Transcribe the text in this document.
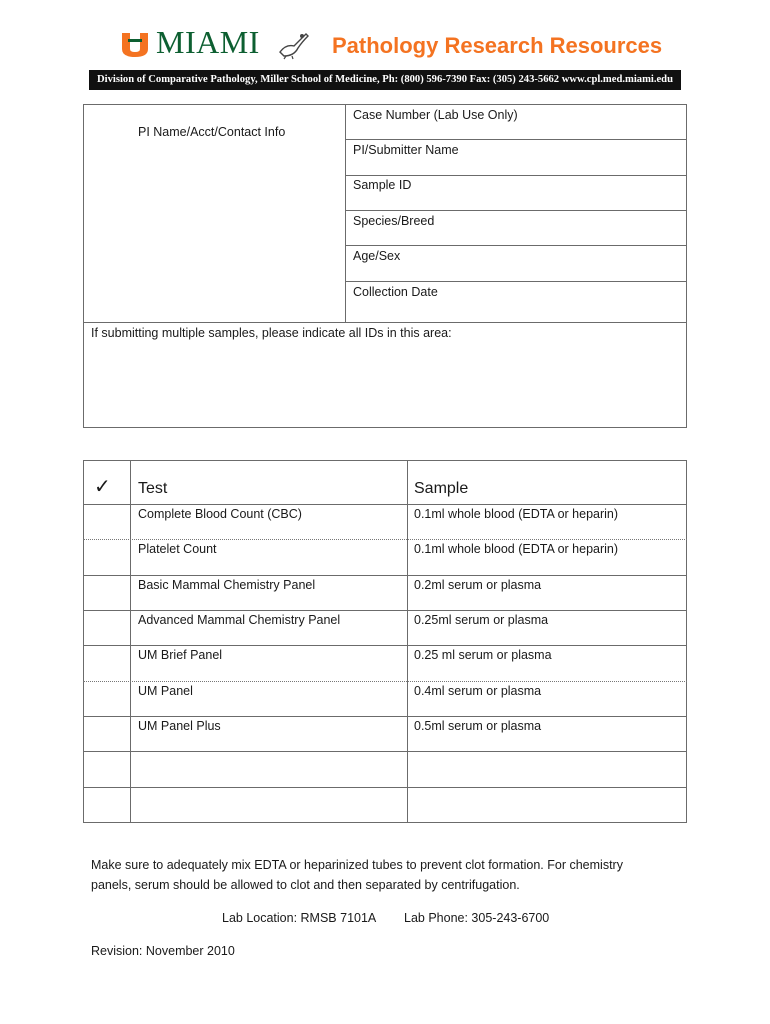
MIAMI	Pathology Research Resources
Division of Comparative Pathology, Miller School of Medicine, Ph: (800) 596-7390 Fax: (305) 243-5662 www.cpl.med.miami.edu
PI Name/Acct/Contact Info
Case Number (Lab Use Only)
PI/Submitter Name
Sample ID
Species/Breed
Age/Sex
Collection Date
If submitting multiple samples, please indicate all IDs in this area:
✓ Test	Sample
Complete Blood Count (CBC)	0.1ml whole blood (EDTA or heparin)
Platelet Count	0.1ml whole blood (EDTA or heparin)
Basic Mammal Chemistry Panel	0.2ml serum or plasma
Advanced Mammal Chemistry Panel	0.25ml serum or plasma
UM Brief Panel	0.25 ml serum or plasma
UM Panel	0.4ml serum or plasma
UM Panel Plus	0.5ml serum or plasma
Make sure to adequately mix EDTA or heparinized tubes to prevent clot formation. For chemistry
panels, serum should be allowed to clot and then separated by centrifugation.
Lab Location: RMSB 7101A Lab Phone: 305-243-6700
Revision: November 2010
